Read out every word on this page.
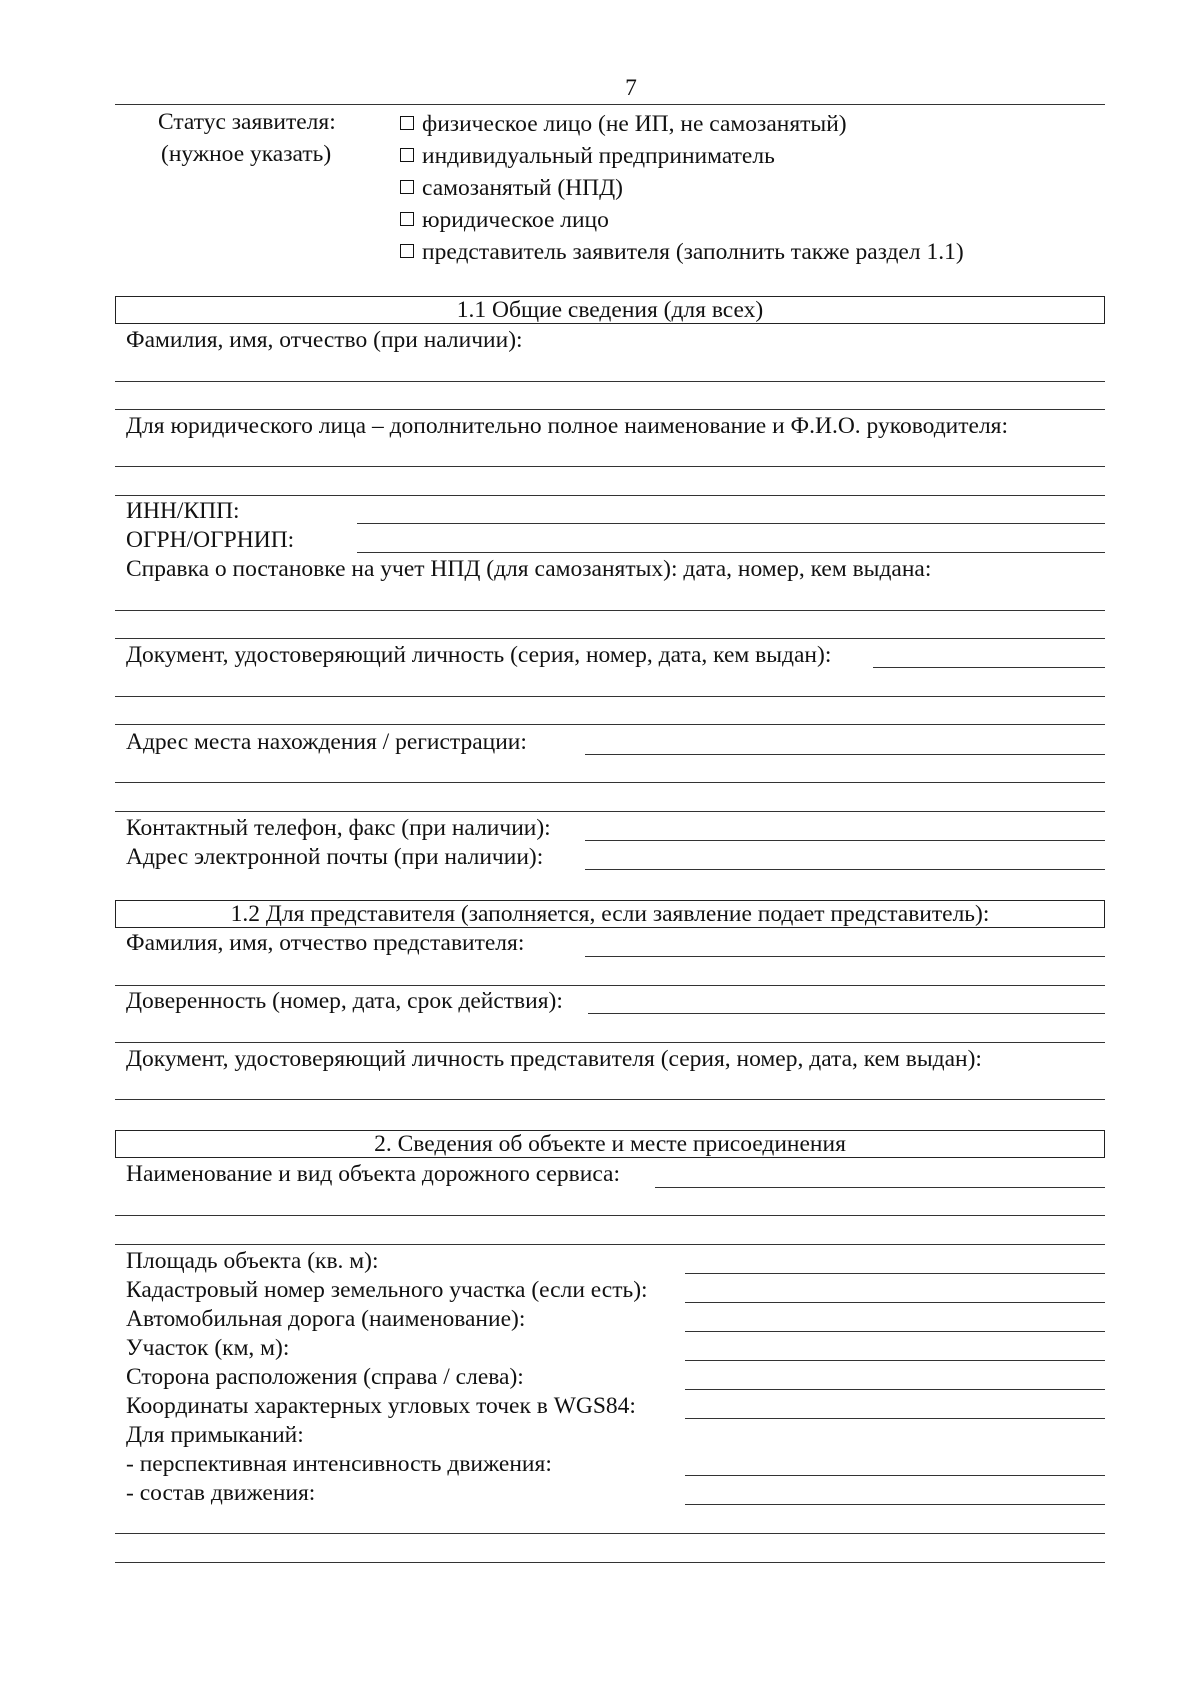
7
Статус заявителя:
(нужное указать)
физическое лицо (не ИП, не самозанятый)
индивидуальный предприниматель
самозанятый (НПД)
юридическое лицо
представитель заявителя (заполнить также раздел 1.1)
1.1 Общие сведения (для всех)
Фамилия, имя, отчество (при наличии):
Для юридического лица – дополнительно полное наименование и Ф.И.О. руководителя:
ИНН/КПП:
ОГРН/ОГРНИП:
Справка о постановке на учет НПД (для самозанятых): дата, номер, кем выдана:
Документ, удостоверяющий личность (серия, номер, дата, кем выдан):
Адрес места нахождения / регистрации:
Контактный телефон, факс (при наличии):
Адрес электронной почты (при наличии):
1.2 Для представителя (заполняется, если заявление подает представитель):
Фамилия, имя, отчество представителя:
Доверенность (номер, дата, срок действия):
Документ, удостоверяющий личность представителя (серия, номер, дата, кем выдан):
2. Сведения об объекте и месте присоединения
Наименование и вид объекта дорожного сервиса:
Площадь объекта (кв. м):
Кадастровый номер земельного участка (если есть):
Автомобильная дорога (наименование):
Участок (км, м):
Сторона расположения (справа / слева):
Координаты характерных угловых точек в WGS84:
Для примыканий:
- перспективная интенсивность движения:
- состав движения:
